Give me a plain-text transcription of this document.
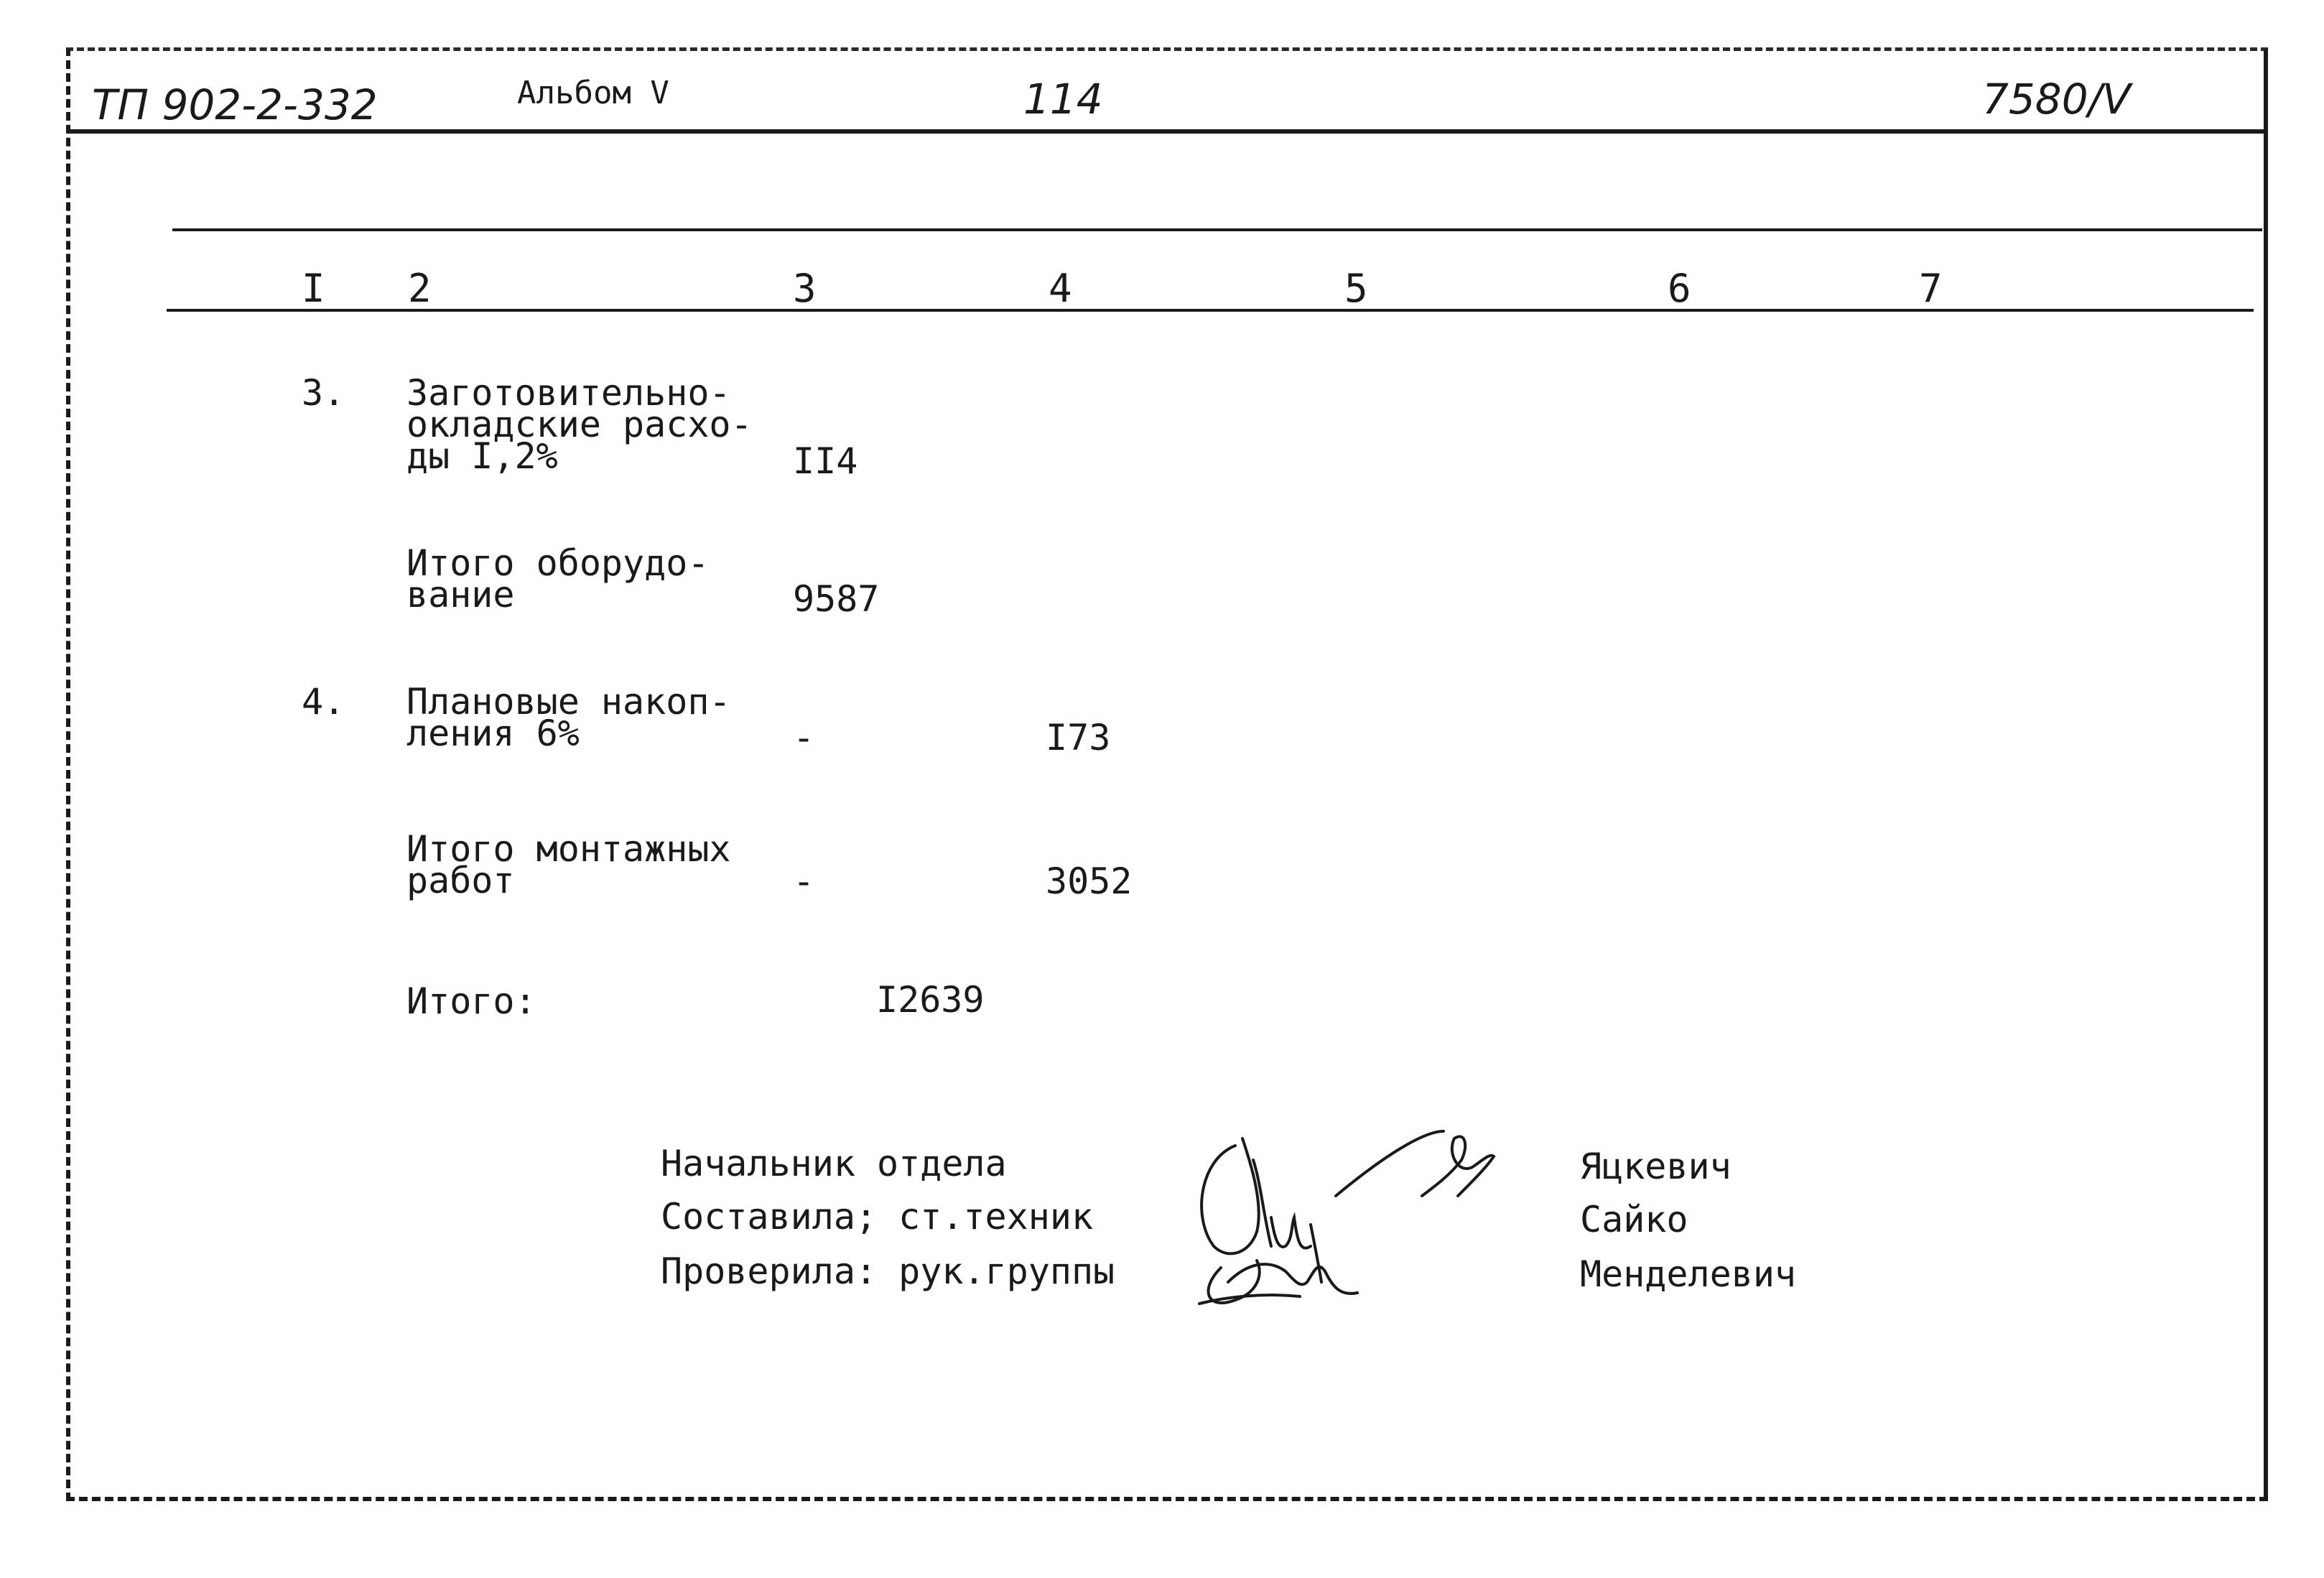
ТП 902-2-332	Альбом V	114	7580/V
I 2	3	4	5	6	7
3. Заготовительно-
окладские расхо-
ды I,2%	II4
Итого оборудо-
вание	9587
4. Плановые накоп-
ления 6%	-	I73
Итого монтажных
работ	-	3052
Итого:	I2639
Начальник отдела
Составила; ст.техник
Проверила: рук.группы
Яцкевич
Сайко
Менделевич
